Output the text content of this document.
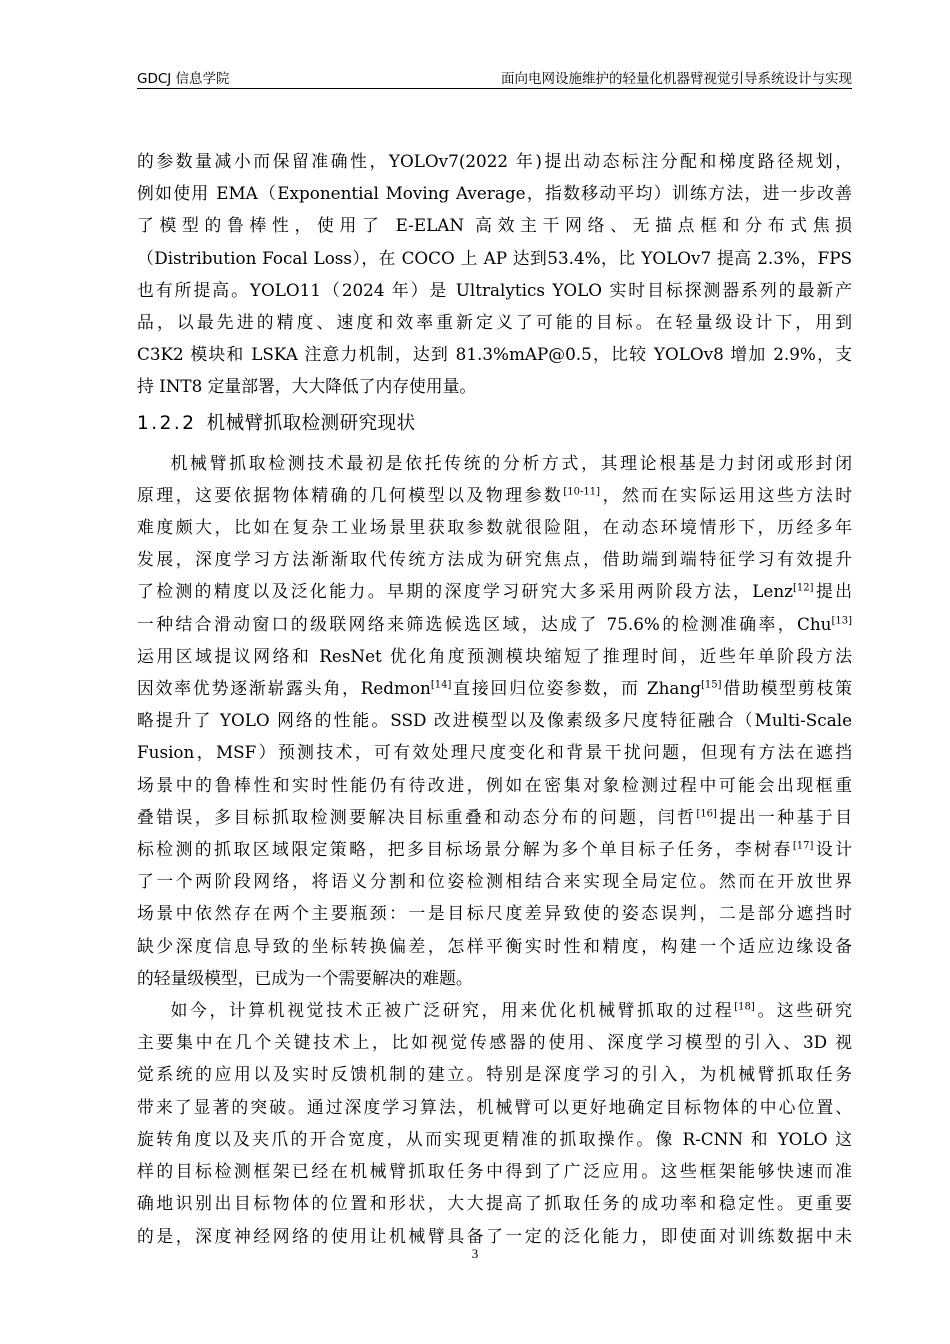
GDCJ 信息学院	面向电网设施维护的轻量化机器臂视觉引导系统设计与实现
的参数量减小而保留准确性，YOLOv7(2022 年)提出动态标注分配和梯度路径规划，
例如使用 EMA（Exponential Moving Average，指数移动平均）训练方法，进一步改善
了模型的鲁棒性，使用了 E-ELAN 高效主干网络、无描点框和分布式焦损
（Distribution Focal Loss），在 COCO 上 AP 达到53.4%，比 YOLOv7 提高 2.3%，FPS
也有所提高。YOLO11（2024 年）是 Ultralytics YOLO 实时目标探测器系列的最新产
品，以最先进的精度、速度和效率重新定义了可能的目标。在轻量级设计下，用到
C3K2 模块和 LSKA 注意力机制，达到 81.3%mAP@0.5，比较 YOLOv8 增加 2.9%，支
持 INT8 定量部署，大大降低了内存使用量。
1.2.2 机械臂抓取检测研究现状
机械臂抓取检测技术最初是依托传统的分析方式，其理论根基是力封闭或形封闭
原理，这要依据物体精确的几何模型以及物理参数[10-11]，然而在实际运用这些方法时
难度颇大，比如在复杂工业场景里获取参数就很险阻，在动态环境情形下，历经多年
发展，深度学习方法渐渐取代传统方法成为研究焦点，借助端到端特征学习有效提升
了检测的精度以及泛化能力。早期的深度学习研究大多采用两阶段方法，Lenz[12]提出
一种结合滑动窗口的级联网络来筛选候选区域，达成了 75.6%的检测准确率，Chu[13]
运用区域提议网络和 ResNet 优化角度预测模块缩短了推理时间，近些年单阶段方法
因效率优势逐渐崭露头角，Redmon[14]直接回归位姿参数，而 Zhang[15]借助模型剪枝策
略提升了 YOLO 网络的性能。SSD 改进模型以及像素级多尺度特征融合（Multi-Scale
Fusion，MSF）预测技术，可有效处理尺度变化和背景干扰问题，但现有方法在遮挡
场景中的鲁棒性和实时性能仍有待改进，例如在密集对象检测过程中可能会出现框重
叠错误，多目标抓取检测要解决目标重叠和动态分布的问题，闫哲[16]提出一种基于目
标检测的抓取区域限定策略，把多目标场景分解为多个单目标子任务，李树春[17]设计
了一个两阶段网络，将语义分割和位姿检测相结合来实现全局定位。然而在开放世界
场景中依然存在两个主要瓶颈：一是目标尺度差异致使的姿态误判，二是部分遮挡时
缺少深度信息导致的坐标转换偏差，怎样平衡实时性和精度，构建一个适应边缘设备
的轻量级模型，已成为一个需要解决的难题。
如今，计算机视觉技术正被广泛研究，用来优化机械臂抓取的过程[18]。这些研究
主要集中在几个关键技术上，比如视觉传感器的使用、深度学习模型的引入、3D 视
觉系统的应用以及实时反馈机制的建立。特别是深度学习的引入，为机械臂抓取任务
带来了显著的突破。通过深度学习算法，机械臂可以更好地确定目标物体的中心位置、
旋转角度以及夹爪的开合宽度，从而实现更精准的抓取操作。像 R-CNN 和 YOLO 这
样的目标检测框架已经在机械臂抓取任务中得到了广泛应用。这些框架能够快速而准
确地识别出目标物体的位置和形状，大大提高了抓取任务的成功率和稳定性。更重要
的是，深度神经网络的使用让机械臂具备了一定的泛化能力，即使面对训练数据中未
3
